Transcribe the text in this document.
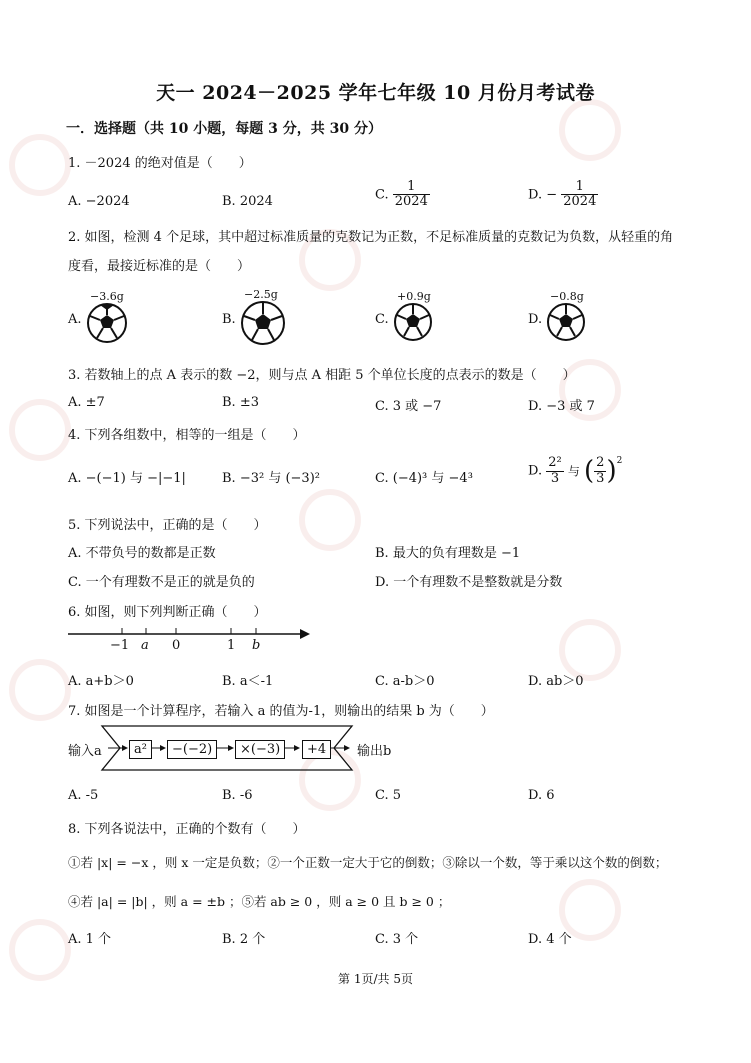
天一 2024－2025 学年七年级 10 月份月考试卷
一．选择题（共 10 小题，每题 3 分，共 30 分）
1. －2024 的绝对值是（　　）
A. −2024	B. 2024	C. $\frac{1}{2024}$	D. − $\frac{1}{2024}$
2. 如图，检测 4 个足球，其中超过标准质量的克数记为正数，不足标准质量的克数记为负数，从轻重的角
度看，最接近标准的是（　　）
−3.6g
A.
−2.5g
B.
+0.9g
C.
−0.8g
D.
3. 若数轴上的点 A 表示的数 −2，则与点 A 相距 5 个单位长度的点表示的数是（　　）
A. ±7	B. ±3	C. 3 或 −7	D. −3 或 7
4. 下列各组数中，相等的一组是（　　）
A. −(−1) 与 −|−1|	B. −3² 与 (−3)²	C. (−4)³ 与 −4³	D. $\frac{\text{2²}}{3}$ 与 ( $\frac{2}{3} )^2$
5. 下列说法中，正确的是（　　）
A. 不带负号的数都是正数	B. 最大的负有理数是 −1
C. 一个有理数不是正的就是负的	D. 一个有理数不是整数就是分数
6. 如图，则下列判断正确（　　）
−1 a 0	1 b
A. a+b＞0	B. a＜-1	C. a-b＞0	D. ab＞0
7. 如图是一个计算程序，若输入 a 的值为-1，则输出的结果 b 为（　　）
输入a	a²	−(−2)	×(−3)	+4	输出b
A. -5	B. -6	C. 5	D. 6
8. 下列各说法中，正确的个数有（　　）
①若 |x| = −x ，则 x 一定是负数；②一个正数一定大于它的倒数；③除以一个数，等于乘以这个数的倒数；
④若 |a| = |b| ，则 a = ±b ；⑤若 ab ≥ 0 ，则 a ≥ 0 且 b ≥ 0 ；
A. 1 个	B. 2 个	C. 3 个	D. 4 个
第 1页/共 5页
